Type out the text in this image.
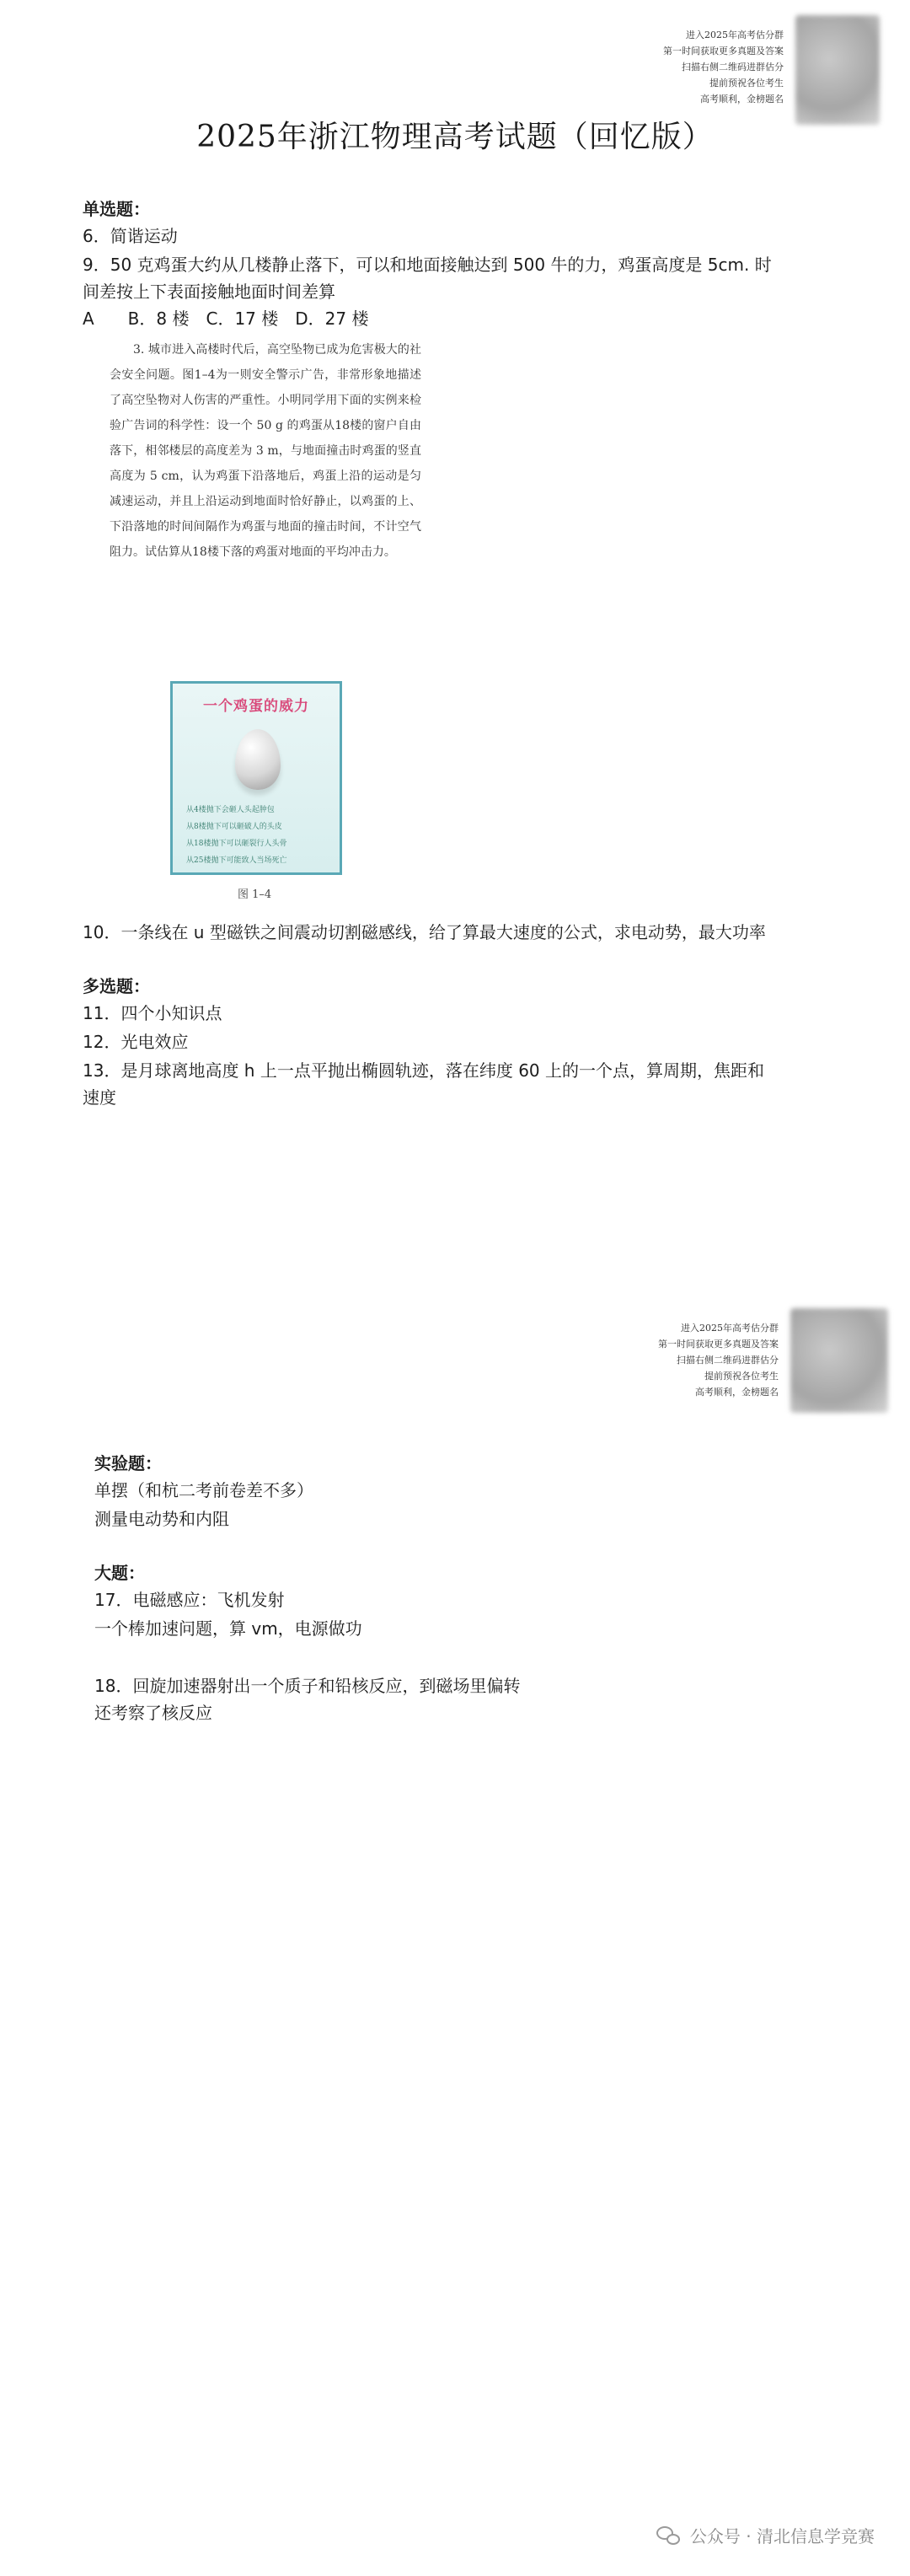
进入2025年高考估分群
第一时间获取更多真题及答案
扫描右侧二维码进群估分
提前预祝各位考生
高考顺利，金榜题名
2025年浙江物理高考试题（回忆版）
单选题：
6．简谐运动
9．50 克鸡蛋大约从几楼静止落下，可以和地面接触达到 500 牛的力，鸡蛋高度是 5cm. 时
间差按上下表面接触地面时间差算
A　　B．8 楼　C．17 楼　D．27 楼
3. 城市进入高楼时代后，高空坠物已成为危害极大的社会安全问题。图1–4为一则安全警示广告，非常形象地描述了高空坠物对人伤害的严重性。小明同学用下面的实例来检验广告词的科学性：设一个 50 g 的鸡蛋从18楼的窗户自由落下，相邻楼层的高度差为 3 m，与地面撞击时鸡蛋的竖直高度为 5 cm，认为鸡蛋下沿落地后，鸡蛋上沿的运动是匀减速运动，并且上沿运动到地面时恰好静止，以鸡蛋的上、下沿落地的时间间隔作为鸡蛋与地面的撞击时间，不计空气阻力。试估算从18楼下落的鸡蛋对地面的平均冲击力。
一个鸡蛋的威力
从4楼抛下会砸人头起肿包
从8楼抛下可以砸破人的头皮
从18楼抛下可以砸裂行人头骨
从25楼抛下可能致人当场死亡
图 1–4
10．一条线在 u 型磁铁之间震动切割磁感线，给了算最大速度的公式，求电动势，最大功率
多选题：
11．四个小知识点
12．光电效应
13．是月球离地高度 h 上一点平抛出椭圆轨迹，落在纬度 60 上的一个点，算周期，焦距和
速度
进入2025年高考估分群
第一时间获取更多真题及答案
扫描右侧二维码进群估分
提前预祝各位考生
高考顺利，金榜题名
实验题：
单摆（和杭二考前卷差不多）
测量电动势和内阻
大题：
17．电磁感应：飞机发射
一个棒加速问题，算 vm，电源做功
18．回旋加速器射出一个质子和铅核反应，到磁场里偏转
还考察了核反应
公众号 · 清北信息学竞赛
